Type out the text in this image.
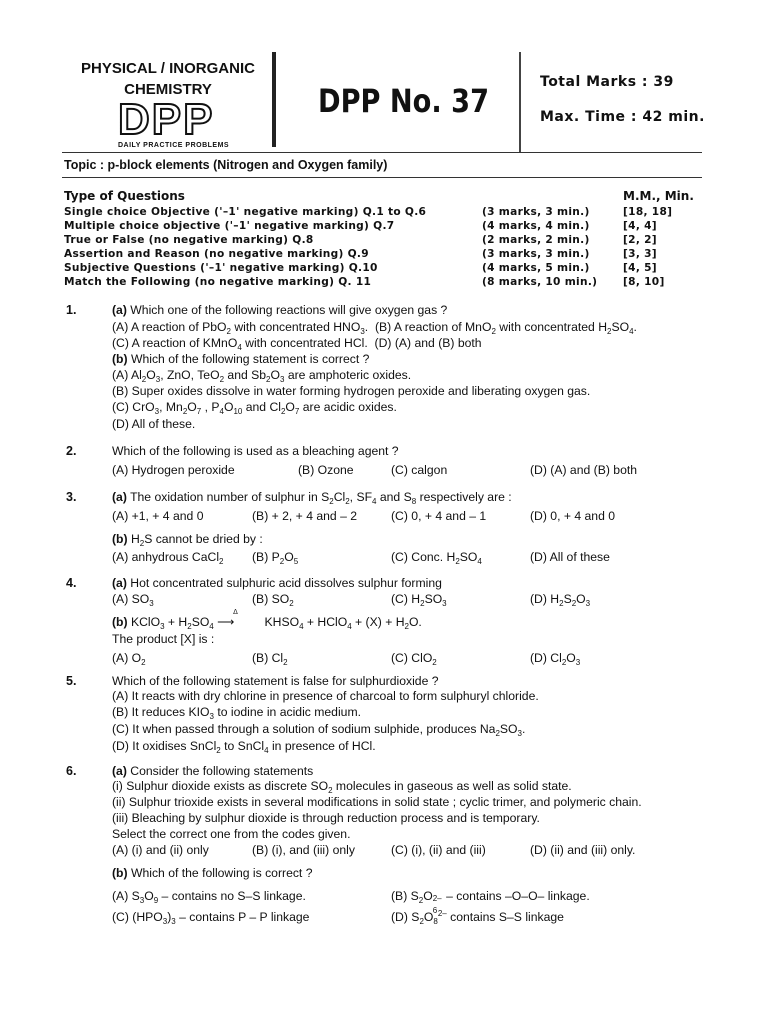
PHYSICAL / INORGANIC
CHEMISTRY
DPP
DAILY PRACTICE PROBLEMS
DPP No. 37	Total Marks : 39
Max. Time : 42 min.
Topic : p-block elements (Nitrogen and Oxygen family)
Type of Questions	M.M., Min.
Single choice Objective ('–1' negative marking) Q.1 to Q.6	(3 marks, 3 min.)	[18, 18]
Multiple choice objective ('–1' negative marking) Q.7	(4 marks, 4 min.)	[4, 4]
True or False (no negative marking) Q.8	(2 marks, 2 min.)	[2, 2]
Assertion and Reason (no negative marking) Q.9	(3 marks, 3 min.)	[3, 3]
Subjective Questions ('–1' negative marking) Q.10	(4 marks, 5 min.)	[4, 5]
Match the Following (no negative marking) Q. 11	(8 marks, 10 min.) [8, 10]
1.	(a) Which one of the following reactions will give oxygen gas ?
(A) A reaction of PbO$_2$ with concentrated $HNO_3$.  (B) A reaction of MnO$_2$ with concentrated $H_2SO_4$.
(C) A reaction of KMnO$_4$ with concentrated HCl.  (D) (A) and (B) both
(b) Which of the following statement is correct ?
(A) $Al_2O_3$, ZnO, TeO$_2$ and $Sb_2O_3$ are amphoteric oxides.
(B) Super oxides dissolve in water forming hydrogen peroxide and liberating oxygen gas.
(C) CrO$_3$, $Mn_2O_7$ , $P_4O_{10}$ and $Cl_2O_7$ are acidic oxides.
(D) All of these.
2.	Which of the following is used as a bleaching agent ?
(A) Hydrogen peroxide	(B) Ozone	(C) calgon	(D) (A) and (B) both
3.	(a) The oxidation number of sulphur in $S_2Cl_2$, $SF_4$ and $S_8$ respectively are :
(A) +1, + 4 and 0	(B) + 2, + 4 and – 2	(C) 0, + 4 and – 1	(D) 0, + 4 and 0
(b) $H_2S$ cannot be dried by :
(A) anhydrous CaCl$_2$ (B) $P_2O_5$	(C) Conc. $H_2SO_4$	(D) All of these
4.	(a) Hot concentrated sulphuric acid dissolves sulphur forming
(A) $SO_3$	(B) $SO_2$	(C) $H_2SO_3$	(D) $H_2S_2O_3$
(b) KClO$_3$ + $H_2SO_4$
Δ
⟶ $KHSO_4$ + HClO$_4$ + $(X) + H_2O$.
The product [X] is :
(A) $O_2$	(B) $Cl_2$	(C) ClO$_2$	(D) $Cl_2O_3$
5.	Which of the following statement is false for sulphurdioxide ?
(A) It reacts with dry chlorine in presence of charcoal to form sulphuryl chloride.
(B) It reduces $KIO_3$ to iodine in acidic medium.
(C) It when passed through a solution of sodium sulphide, produces $Na_2SO_3$.
(D) It oxidises SnCl$_2$ to SnCl$_4$ in presence of HCl.
6.	(a) Consider the following statements
(i) Sulphur dioxide exists as discrete $SO_2$ molecules in gaseous as well as solid state.
(ii) Sulphur trioxide exists in several modifications in solid state ; cyclic trimer, and polymeric chain.
(iii) Bleaching by sulphur dioxide is through reduction process and is temporary.
Select the correct one from the codes given.
(A) (i) and (ii) only	(B) (i), and (iii) only	(C) (i), (ii) and (iii)	(D) (ii) and (iii) only.
(b) Which of the following is correct ?
(A) $S_3O_9$ – contains no S–S linkage.	(B) $S_2O$ 2–
6
– contains –O–O– linkage.
(C) $(HPO_3)_3$ – contains P – P linkage	(D) $S_2O_8^{2-}$ contains S–S linkage
